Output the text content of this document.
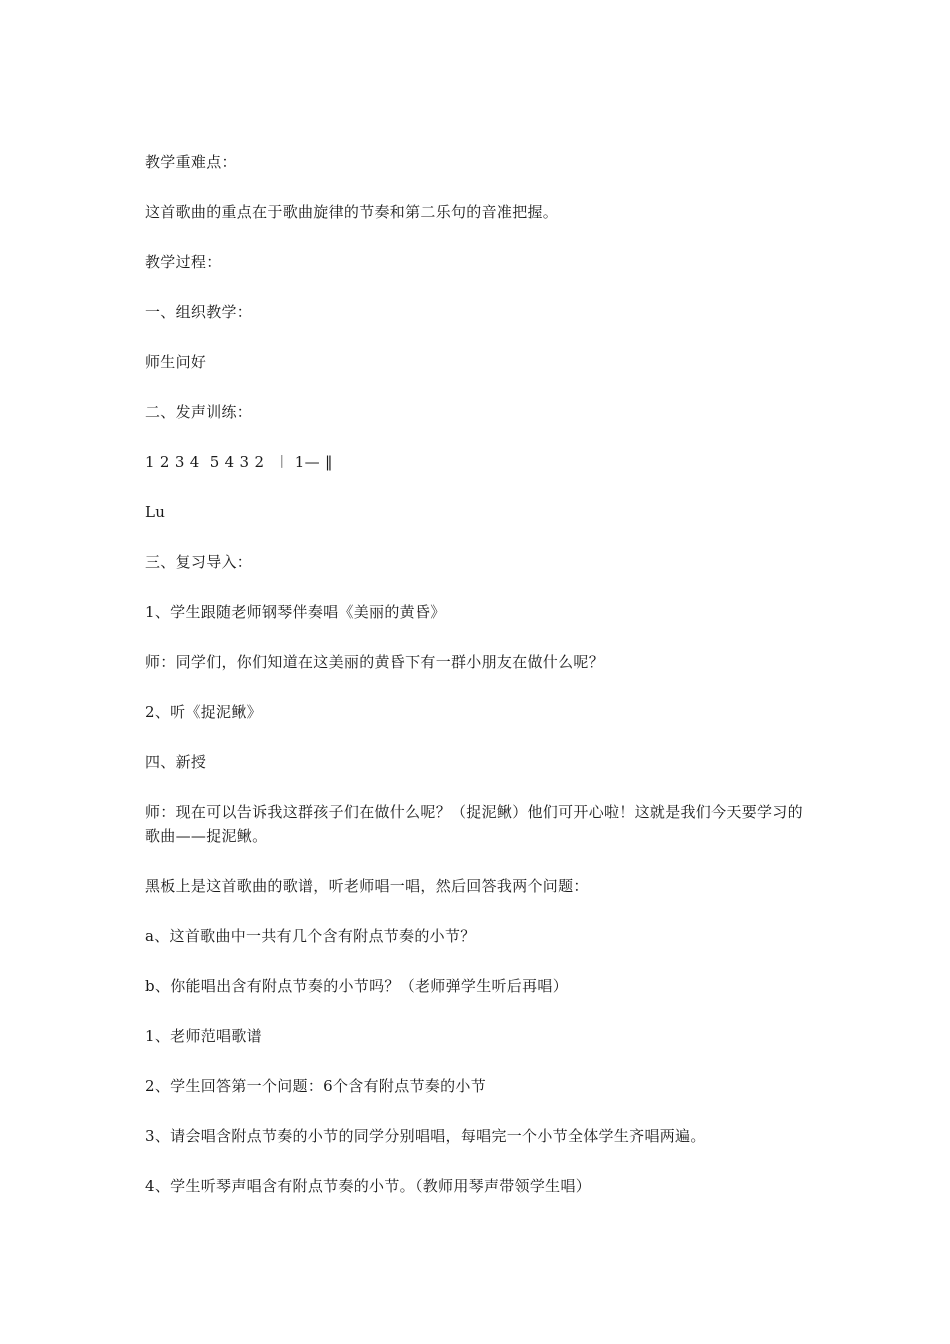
教学重难点：

这首歌曲的重点在于歌曲旋律的节奏和第二乐句的音准把握。

教学过程：

一、组织教学：

师生问好

二、发声训练：

1 2 3 4  5 4 3 2  ︱ 1— ‖

Lu

三、复习导入：

1、学生跟随老师钢琴伴奏唱《美丽的黄昏》

师：同学们，你们知道在这美丽的黄昏下有一群小朋友在做什么呢？

2、听《捉泥鳅》

四、新授

师：现在可以告诉我这群孩子们在做什么呢？（捉泥鳅）他们可开心啦！这就是我们今天要学习的歌曲——捉泥鳅。

黑板上是这首歌曲的歌谱，听老师唱一唱，然后回答我两个问题：

a、这首歌曲中一共有几个含有附点节奏的小节？

b、你能唱出含有附点节奏的小节吗？（老师弹学生听后再唱）

1、老师范唱歌谱

2、学生回答第一个问题：6个含有附点节奏的小节

3、请会唱含附点节奏的小节的同学分别唱唱，每唱完一个小节全体学生齐唱两遍。

4、学生听琴声唱含有附点节奏的小节。（教师用琴声带领学生唱）
